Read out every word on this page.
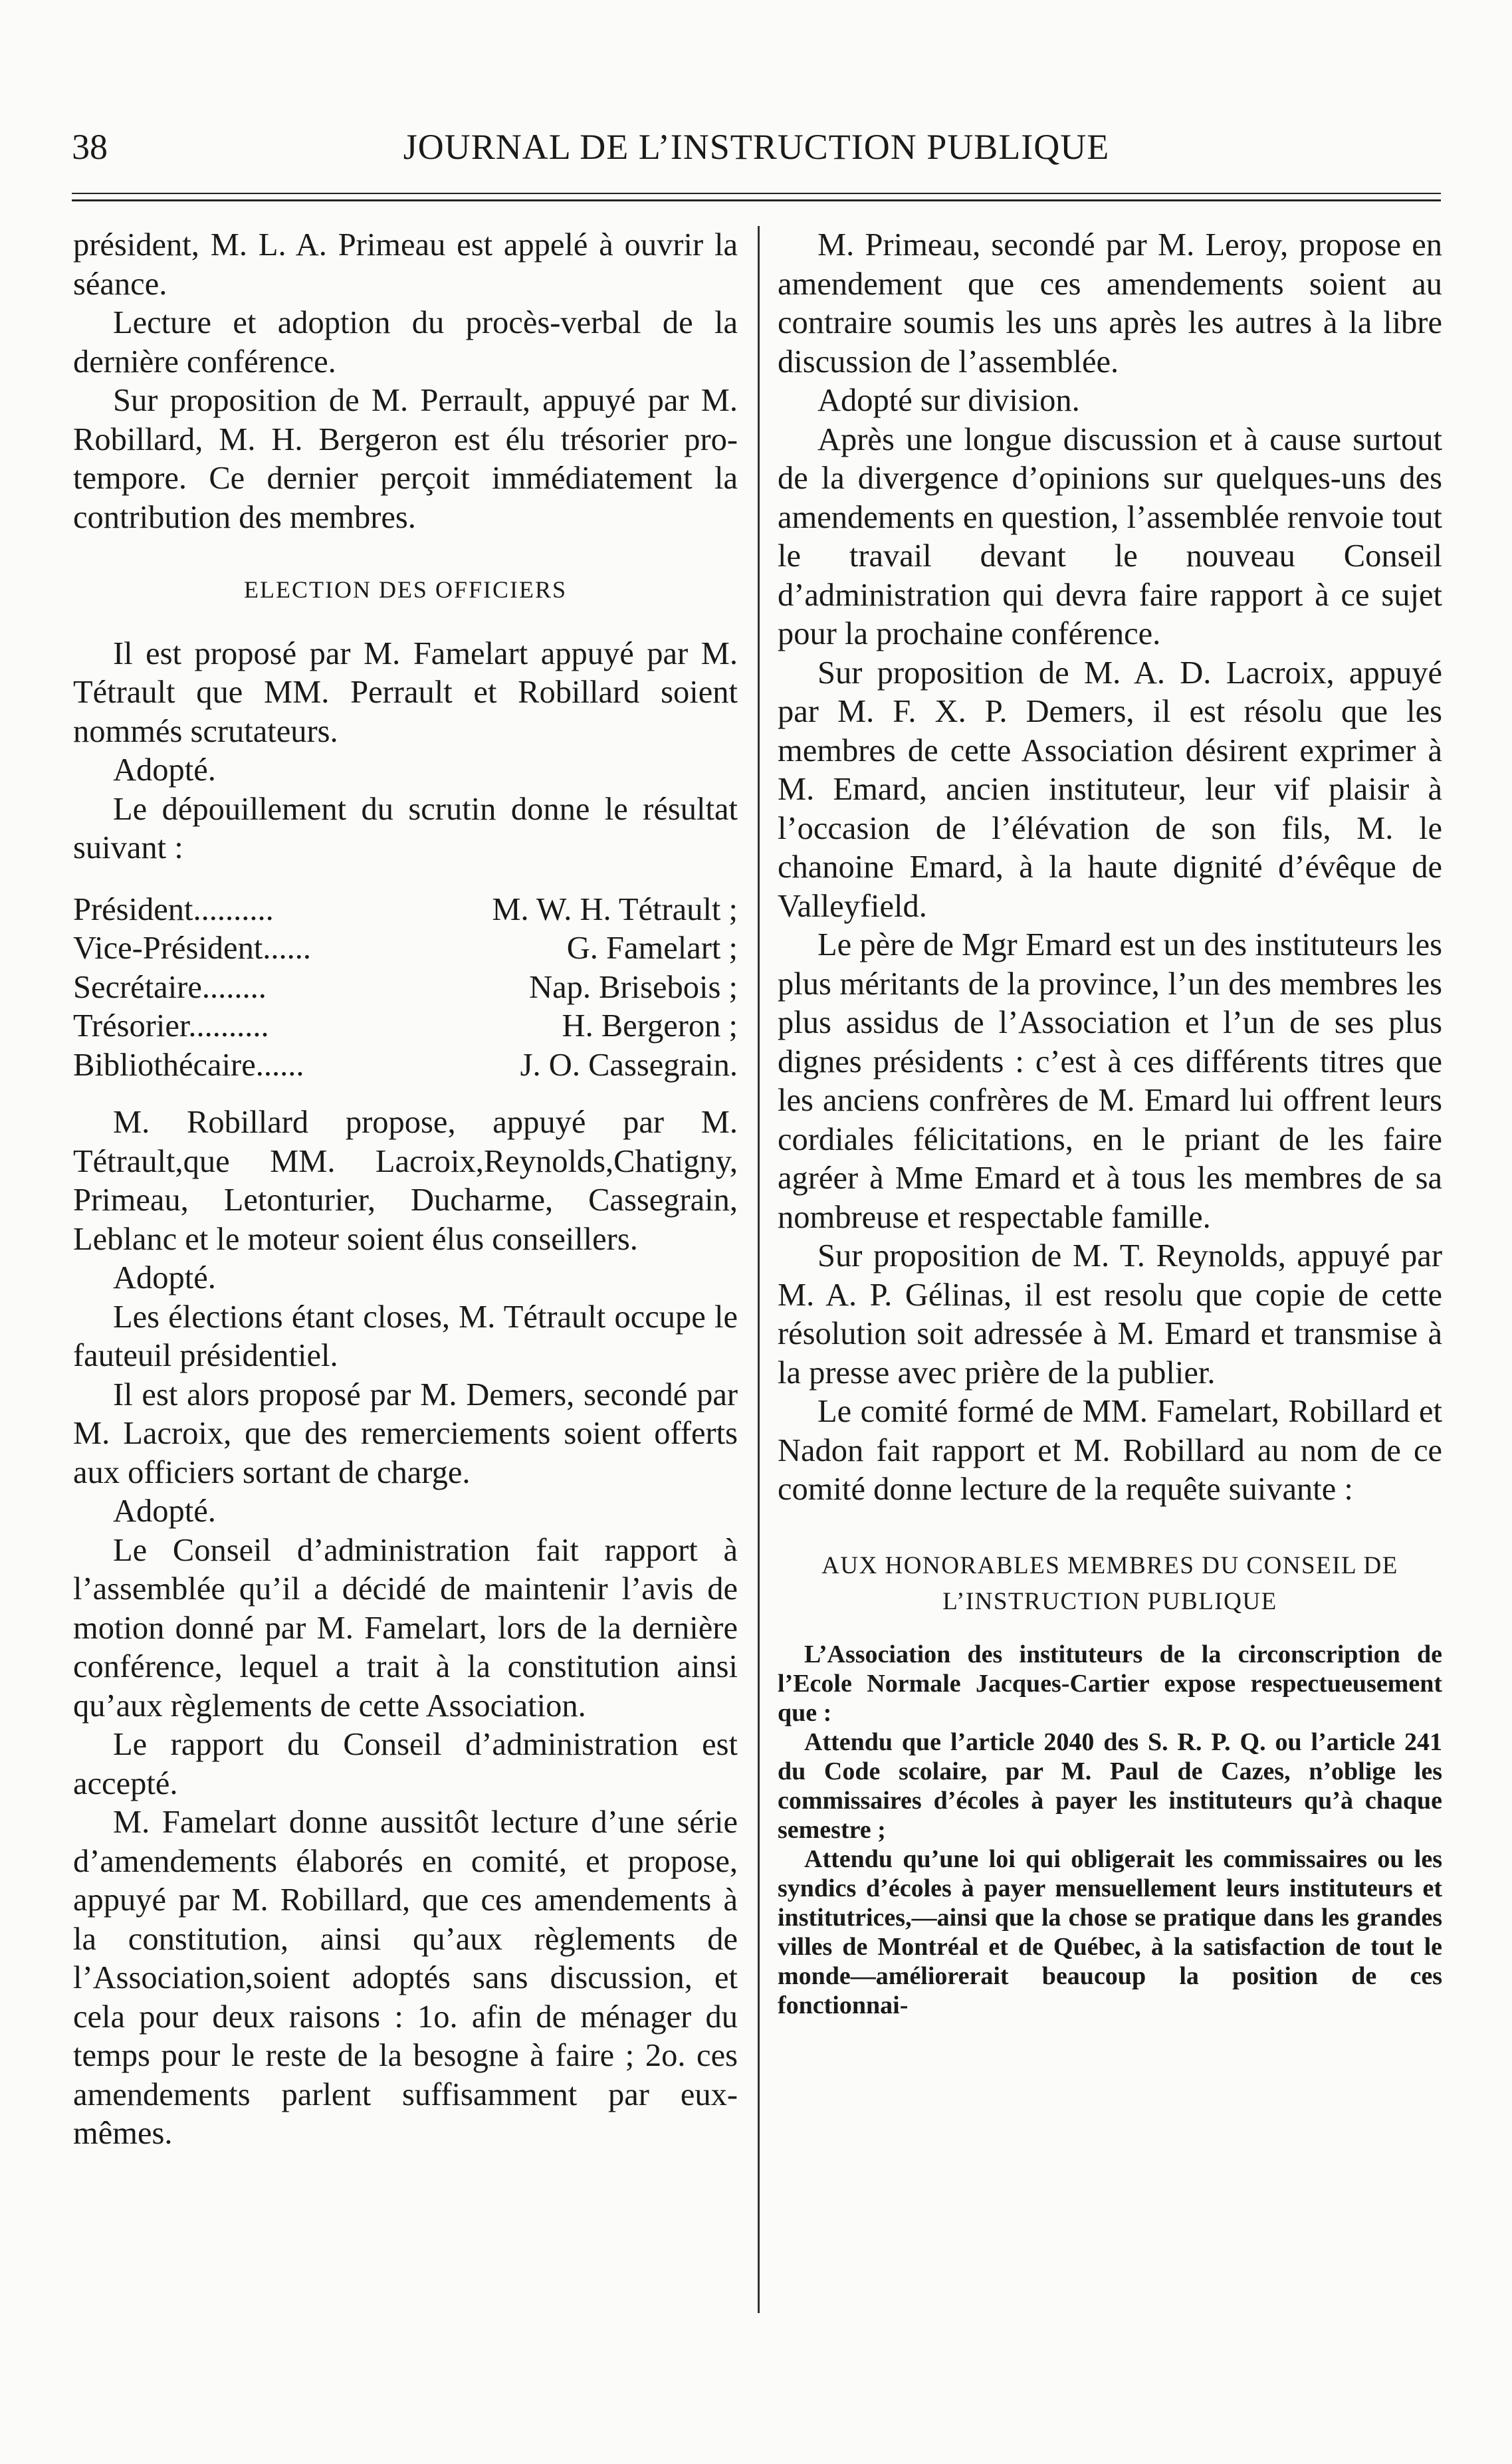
38	JOURNAL DE L’INSTRUCTION PUBLIQUE

président, M. L. A. Primeau est appelé à ouvrir la séance.

Lecture et adoption du procès-verbal de la dernière conférence.

Sur proposition de M. Perrault, appuyé par M. Robillard, M. H. Bergeron est élu trésorier pro-tempore. Ce dernier perçoit immédiatement la contribution des membres.

ELECTION DES OFFICIERS

Il est proposé par M. Famelart appuyé par M. Tétrault que MM. Perrault et Robillard soient nommés scrutateurs.

Adopté.

Le dépouillement du scrutin donne le résultat suivant :

Président..........	M. W. H. Tétrault ;
Vice-Président......	G. Famelart ;
Secrétaire........	Nap. Brisebois ;
Trésorier..........	H. Bergeron ;
Bibliothécaire......	J. O. Cassegrain.

M. Robillard propose, appuyé par M. Tétrault,que MM. Lacroix,Reynolds,Chatigny, Primeau, Letonturier, Ducharme, Cassegrain, Leblanc et le moteur soient élus conseillers.

Adopté.

Les élections étant closes, M. Tétrault occupe le fauteuil présidentiel.

Il est alors proposé par M. Demers, secondé par M. Lacroix, que des remerciements soient offerts aux officiers sortant de charge.

Adopté.

Le Conseil d’administration fait rapport à l’assemblée qu’il a décidé de maintenir l’avis de motion donné par M. Famelart, lors de la dernière conférence, lequel a trait à la constitution ainsi qu’aux règlements de cette Association.

Le rapport du Conseil d’administration est accepté.

M. Famelart donne aussitôt lecture d’une série d’amendements élaborés en comité, et propose, appuyé par M. Robillard, que ces amendements à la constitution, ainsi qu’aux règlements de l’Association,soient adoptés sans discussion, et cela pour deux raisons : 1o. afin de ménager du temps pour le reste de la besogne à faire ; 2o. ces amendements parlent suffisamment par eux-mêmes.

M. Primeau, secondé par M. Leroy, propose en amendement que ces amendements soient au contraire soumis les uns après les autres à la libre discussion de l’assemblée.

Adopté sur division.

Après une longue discussion et à cause surtout de la divergence d’opinions sur quelques-uns des amendements en question, l’assemblée renvoie tout le travail devant le nouveau Conseil d’administration qui devra faire rapport à ce sujet pour la prochaine conférence.

Sur proposition de M. A. D. Lacroix, appuyé par M. F. X. P. Demers, il est résolu que les membres de cette Association désirent exprimer à M. Emard, ancien instituteur, leur vif plaisir à l’occasion de l’élévation de son fils, M. le chanoine Emard, à la haute dignité d’évêque de Valleyfield.

Le père de Mgr Emard est un des instituteurs les plus méritants de la province, l’un des membres les plus assidus de l’Association et l’un de ses plus dignes présidents : c’est à ces différents titres que les anciens confrères de M. Emard lui offrent leurs cordiales félicitations, en le priant de les faire agréer à Mme Emard et à tous les membres de sa nombreuse et respectable famille.

Sur proposition de M. T. Reynolds, appuyé par M. A. P. Gélinas, il est resolu que copie de cette résolution soit adressée à M. Emard et transmise à la presse avec prière de la publier.

Le comité formé de MM. Famelart, Robillard et Nadon fait rapport et M. Robillard au nom de ce comité donne lecture de la requête suivante :

AUX HONORABLES MEMBRES DU CONSEIL DE L’INSTRUCTION PUBLIQUE

L’Association des instituteurs de la circonscription de l’Ecole Normale Jacques-Cartier expose respectueusement que :

Attendu que l’article 2040 des S. R. P. Q. ou l’article 241 du Code scolaire, par M. Paul de Cazes, n’oblige les commissaires d’écoles à payer les instituteurs qu’à chaque semestre ;

Attendu qu’une loi qui obligerait les commissaires ou les syndics d’écoles à payer mensuellement leurs instituteurs et institutrices,—ainsi que la chose se pratique dans les grandes villes de Montréal et de Québec, à la satisfaction de tout le monde—améliorerait beaucoup la position de ces fonctionnai-
